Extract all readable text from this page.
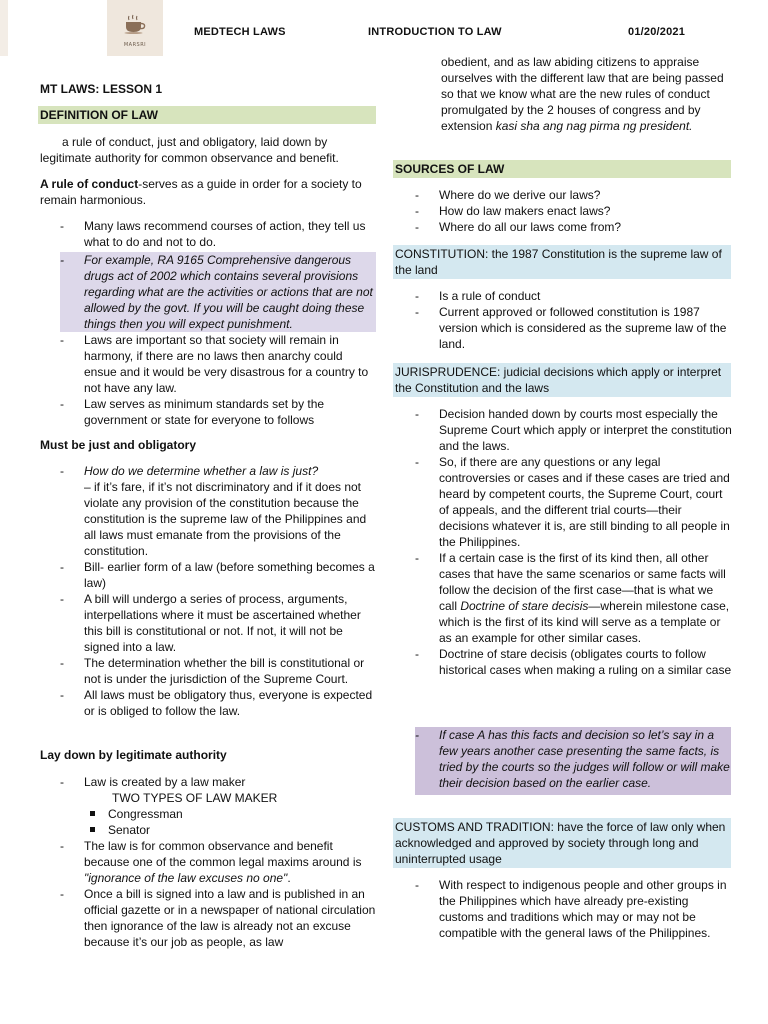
MARSRI
MEDTECH LAWS	INTRODUCTION TO LAW	01/20/2021
MT LAWS: LESSON 1
DEFINITION OF LAW
a rule of conduct, just and obligatory, laid down by legitimate authority for common observance and benefit.
A rule of conduct-serves as a guide in order for a society to remain harmonious.
- Many laws recommend courses of action, they tell us what to do and not to do.
- For example, RA 9165 Comprehensive dangerous drugs act of 2002 which contains several provisions regarding what are the activities or actions that are not allowed by the govt. If you will be caught doing these things then you will expect punishment.
- Laws are important so that society will remain in harmony, if there are no laws then anarchy could ensue and it would be very disastrous for a country to not have any law.
- Law serves as minimum standards set by the government or state for everyone to follows
Must be just and obligatory
- How do we determine whether a law is just?
– if it’s fare, if it’s not discriminatory and if it does not violate any provision of the constitution because the constitution is the supreme law of the Philippines and all laws must emanate from the provisions of the constitution.
- Bill- earlier form of a law (before something becomes a law)
- A bill will undergo a series of process, arguments, interpellations where it must be ascertained whether this bill is constitutional or not. If not, it will not be signed into a law.
- The determination whether the bill is constitutional or not is under the jurisdiction of the Supreme Court.
- All laws must be obligatory thus, everyone is expected or is obliged to follow the law.
Lay down by legitimate authority
- Law is created by a law maker
TWO TYPES OF LAW MAKER
Congressman
Senator
- The law is for common observance and benefit because one of the common legal maxims around is "ignorance of the law excuses no one".
- Once a bill is signed into a law and is published in an official gazette or in a newspaper of national circulation then ignorance of the law is already not an excuse because it’s our job as people, as law
obedient, and as law abiding citizens to appraise ourselves with the different law that are being passed so that we know what are the new rules of conduct promulgated by the 2 houses of congress and by extension kasi sha ang nag pirma ng president.
SOURCES OF LAW
- Where do we derive our laws?
- How do law makers enact laws?
- Where do all our laws come from?
CONSTITUTION: the 1987 Constitution is the supreme law of the land
- Is a rule of conduct
- Current approved or followed constitution is 1987 version which is considered as the supreme law of the land.
JURISPRUDENCE: judicial decisions which apply or interpret the Constitution and the laws
- Decision handed down by courts most especially the Supreme Court which apply or interpret the constitution and the laws.
- So, if there are any questions or any legal controversies or cases and if these cases are tried and heard by competent courts, the Supreme Court, court of appeals, and the different trial courts—their decisions whatever it is, are still binding to all people in the Philippines.
- If a certain case is the first of its kind then, all other cases that have the same scenarios or same facts will follow the decision of the first case—that is what we call Doctrine of stare decisis—wherein milestone case, which is the first of its kind will serve as a template or as an example for other similar cases.
- Doctrine of stare decisis (obligates courts to follow historical cases when making a ruling on a similar case
- If case A has this facts and decision so let’s say in a few years another case presenting the same facts, is tried by the courts so the judges will follow or will make their decision based on the earlier case.
CUSTOMS AND TRADITION: have the force of law only when acknowledged and approved by society through long and uninterrupted usage
- With respect to indigenous people and other groups in the Philippines which have already pre-existing customs and traditions which may or may not be compatible with the general laws of the Philippines.
